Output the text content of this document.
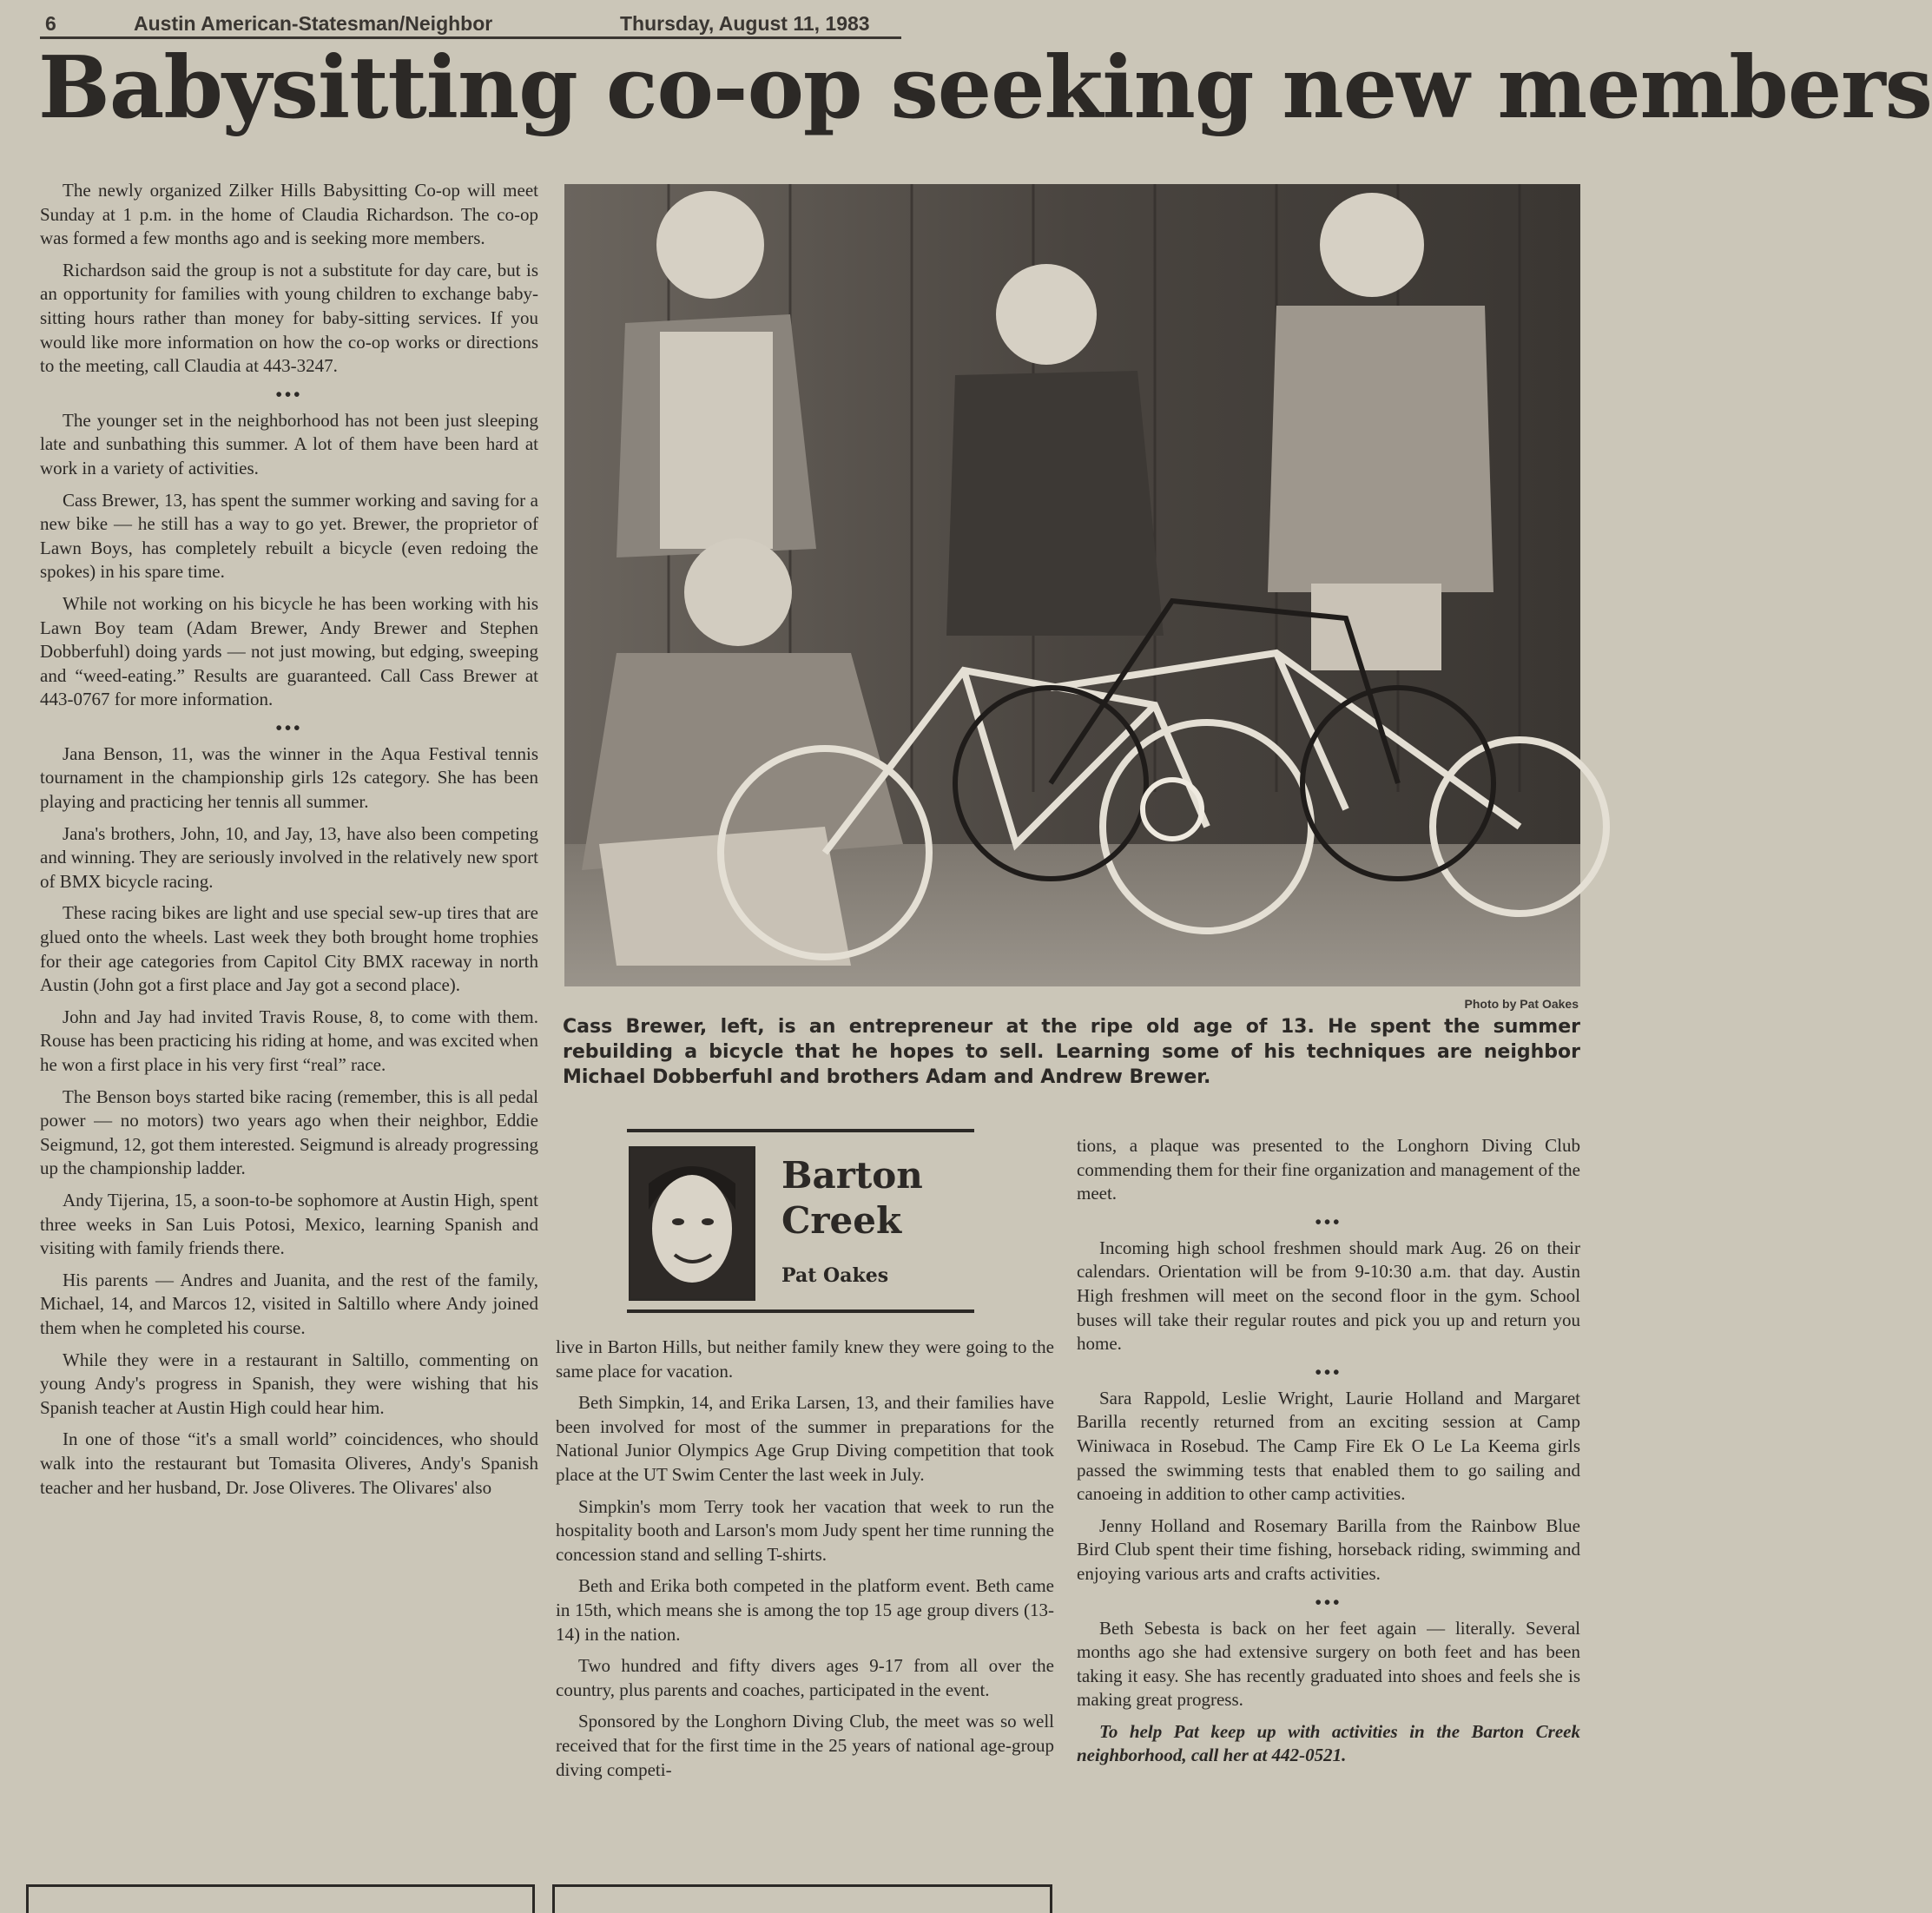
6	Austin American-Statesman/Neighbor	Thursday, August 11, 1983
Babysitting co-op seeking new members

The newly organized Zilker Hills Babysitting Co-op will meet Sunday at 1 p.m. in the home of Claudia Richardson. The co-op was formed a few months ago and is seeking more members.

Richardson said the group is not a substitute for day care, but is an opportunity for families with young children to exchange baby-sitting hours rather than money for baby-sitting services. If you would like more information on how the co-op works or directions to the meeting, call Claudia at 443-3247.

•••

The younger set in the neighborhood has not been just sleeping late and sunbathing this summer. A lot of them have been hard at work in a variety of activities.

Cass Brewer, 13, has spent the summer working and saving for a new bike — he still has a way to go yet. Brewer, the proprietor of Lawn Boys, has completely rebuilt a bicycle (even redoing the spokes) in his spare time.

While not working on his bicycle he has been working with his Lawn Boy team (Adam Brewer, Andy Brewer and Stephen Dobberfuhl) doing yards — not just mowing, but edging, sweeping and “weed-eating.” Results are guaranteed. Call Cass Brewer at 443-0767 for more information.

•••

Jana Benson, 11, was the winner in the Aqua Festival tennis tournament in the championship girls 12s category. She has been playing and practicing her tennis all summer.

Jana's brothers, John, 10, and Jay, 13, have also been competing and winning. They are seriously involved in the relatively new sport of BMX bicycle racing.

These racing bikes are light and use special sew-up tires that are glued onto the wheels. Last week they both brought home trophies for their age categories from Capitol City BMX raceway in north Austin (John got a first place and Jay got a second place).

John and Jay had invited Travis Rouse, 8, to come with them. Rouse has been practicing his riding at home, and was excited when he won a first place in his very first “real” race.

The Benson boys started bike racing (remember, this is all pedal power — no motors) two years ago when their neighbor, Eddie Seigmund, 12, got them interested. Seigmund is already progressing up the championship ladder.

Andy Tijerina, 15, a soon-to-be sophomore at Austin High, spent three weeks in San Luis Potosi, Mexico, learning Spanish and visiting with family friends there.

His parents — Andres and Juanita, and the rest of the family, Michael, 14, and Marcos 12, visited in Saltillo where Andy joined them when he completed his course.

While they were in a restaurant in Saltillo, commenting on young Andy's progress in Spanish, they were wishing that his Spanish teacher at Austin High could hear him.

In one of those “it's a small world” coincidences, who should walk into the restaurant but Tomasita Oliveres, Andy's Spanish teacher and her husband, Dr. Jose Oliveres. The Olivares' also

Photo by Pat Oakes
Cass Brewer, left, is an entrepreneur at the ripe old age of 13. He spent the summer rebuilding a bicycle that he hopes to sell. Learning some of his techniques are neighbor Michael Dobberfuhl and brothers Adam and Andrew Brewer.
Barton
Creek
Pat Oakes

live in Barton Hills, but neither family knew they were going to the same place for vacation.

Beth Simpkin, 14, and Erika Larsen, 13, and their families have been involved for most of the summer in preparations for the National Junior Olympics Age Grup Diving competition that took place at the UT Swim Center the last week in July.

Simpkin's mom Terry took her vacation that week to run the hospitality booth and Larson's mom Judy spent her time running the concession stand and selling T-shirts.

Beth and Erika both competed in the platform event. Beth came in 15th, which means she is among the top 15 age group divers (13-14) in the nation.

Two hundred and fifty divers ages 9-17 from all over the country, plus parents and coaches, participated in the event.

Sponsored by the Longhorn Diving Club, the meet was so well received that for the first time in the 25 years of national age-group diving competi-

tions, a plaque was presented to the Longhorn Diving Club commending them for their fine organization and management of the meet.

•••

Incoming high school freshmen should mark Aug. 26 on their calendars. Orientation will be from 9-10:30 a.m. that day. Austin High freshmen will meet on the second floor in the gym. School buses will take their regular routes and pick you up and return you home.

•••

Sara Rappold, Leslie Wright, Laurie Holland and Margaret Barilla recently returned from an exciting session at Camp Winiwaca in Rosebud. The Camp Fire Ek O Le La Keema girls passed the swimming tests that enabled them to go sailing and canoeing in addition to other camp activities.

Jenny Holland and Rosemary Barilla from the Rainbow Blue Bird Club spent their time fishing, horseback riding, swimming and enjoying various arts and crafts activities.

•••

Beth Sebesta is back on her feet again — literally. Several months ago she had extensive surgery on both feet and has been taking it easy. She has recently graduated into shoes and feels she is making great progress.

To help Pat keep up with activities in the Barton Creek neighborhood, call her at 442-0521.
